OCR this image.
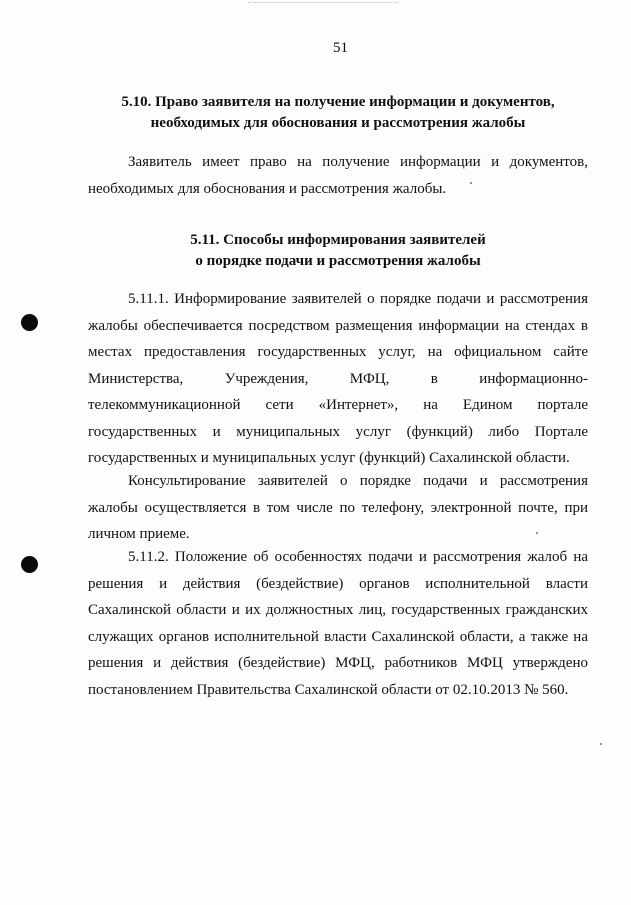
51
5.10. Право заявителя на получение информации и документов,
необходимых для обоснования и рассмотрения жалобы
Заявитель имеет право на получение информации и документов,
необходимых для обоснования и рассмотрения жалобы.
5.11. Способы информирования заявителей
о порядке подачи и рассмотрения жалобы
5.11.1. Информирование заявителей о порядке подачи и рассмотрения
жалобы обеспечивается посредством размещения информации на стендах в
местах предоставления государственных услуг, на официальном сайте
Министерства, Учреждения, МФЦ, в информационно-
телекоммуникационной сети «Интернет», на Едином портале
государственных и муниципальных услуг (функций) либо Портале
государственных и муниципальных услуг (функций) Сахалинской области.
Консультирование заявителей о порядке подачи и рассмотрения
жалобы осуществляется в том числе по телефону, электронной почте, при
личном приеме.
5.11.2. Положение об особенностях подачи и рассмотрения жалоб на
решения и действия (бездействие) органов исполнительной власти
Сахалинской области и их должностных лиц, государственных гражданских
служащих органов исполнительной власти Сахалинской области, а также на
решения и действия (бездействие) МФЦ, работников МФЦ утверждено
постановлением Правительства Сахалинской области от 02.10.2013 № 560.
